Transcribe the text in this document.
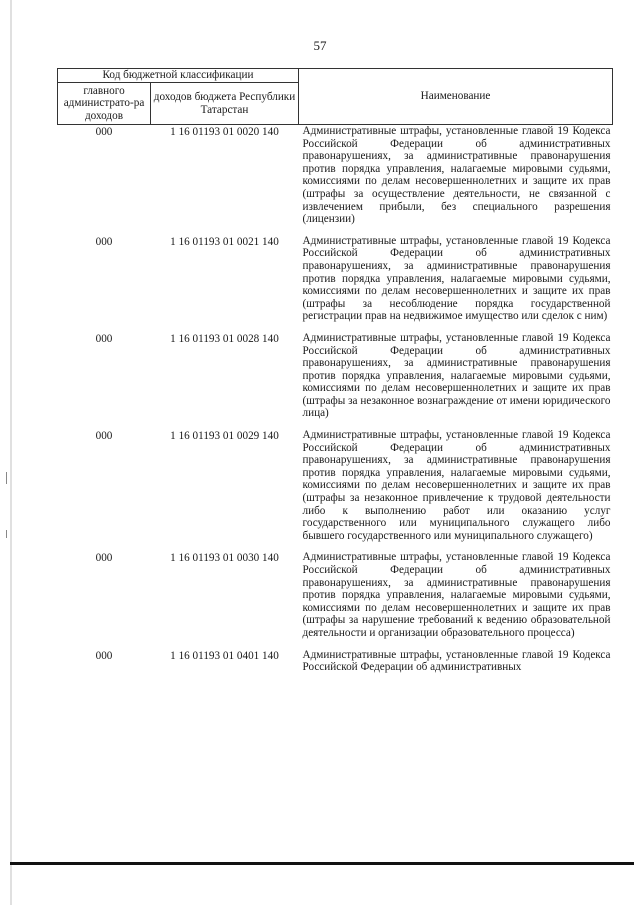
57
Код бюджетной классификации		Наименование
главного администрато-ра доходов	доходов бюджета Республики Татарстан	
000	1 16 01193 01 0020 140	Административные штрафы, установленные главой 19 Кодекса Российской Федерации об административных правонарушениях, за административные правонарушения против порядка управления, налагаемые мировыми судьями, комиссиями по делам несовершеннолетних и защите их прав (штрафы за осуществление деятельности, не связанной с извлечением прибыли, без специального разрешения (лицензии)
000	1 16 01193 01 0021 140	Административные штрафы, установленные главой 19 Кодекса Российской Федерации об административных правонарушениях, за административные правонарушения против порядка управления, налагаемые мировыми судьями, комиссиями по делам несовершеннолетних и защите их прав (штрафы за несоблюдение порядка государственной регистрации прав на недвижимое имущество или сделок с ним)
000	1 16 01193 01 0028 140	Административные штрафы, установленные главой 19 Кодекса Российской Федерации об административных правонарушениях, за административные правонарушения против порядка управления, налагаемые мировыми судьями, комиссиями по делам несовершеннолетних и защите их прав (штрафы за незаконное вознаграждение от имени юридического лица)
000	1 16 01193 01 0029 140	Административные штрафы, установленные главой 19 Кодекса Российской Федерации об административных правонарушениях, за административные правонарушения против порядка управления, налагаемые мировыми судьями, комиссиями по делам несовершеннолетних и защите их прав (штрафы за незаконное привлечение к трудовой деятельности либо к выполнению работ или оказанию услуг государственного или муниципального служащего либо бывшего государственного или муниципального служащего)
000	1 16 01193 01 0030 140	Административные штрафы, установленные главой 19 Кодекса Российской Федерации об административных правонарушениях, за административные правонарушения против порядка управления, налагаемые мировыми судьями, комиссиями по делам несовершеннолетних и защите их прав (штрафы за нарушение требований к ведению образовательной деятельности и организации образовательного процесса)
000	1 16 01193 01 0401 140	Административные штрафы, установленные главой 19 Кодекса Российской Федерации об административных
